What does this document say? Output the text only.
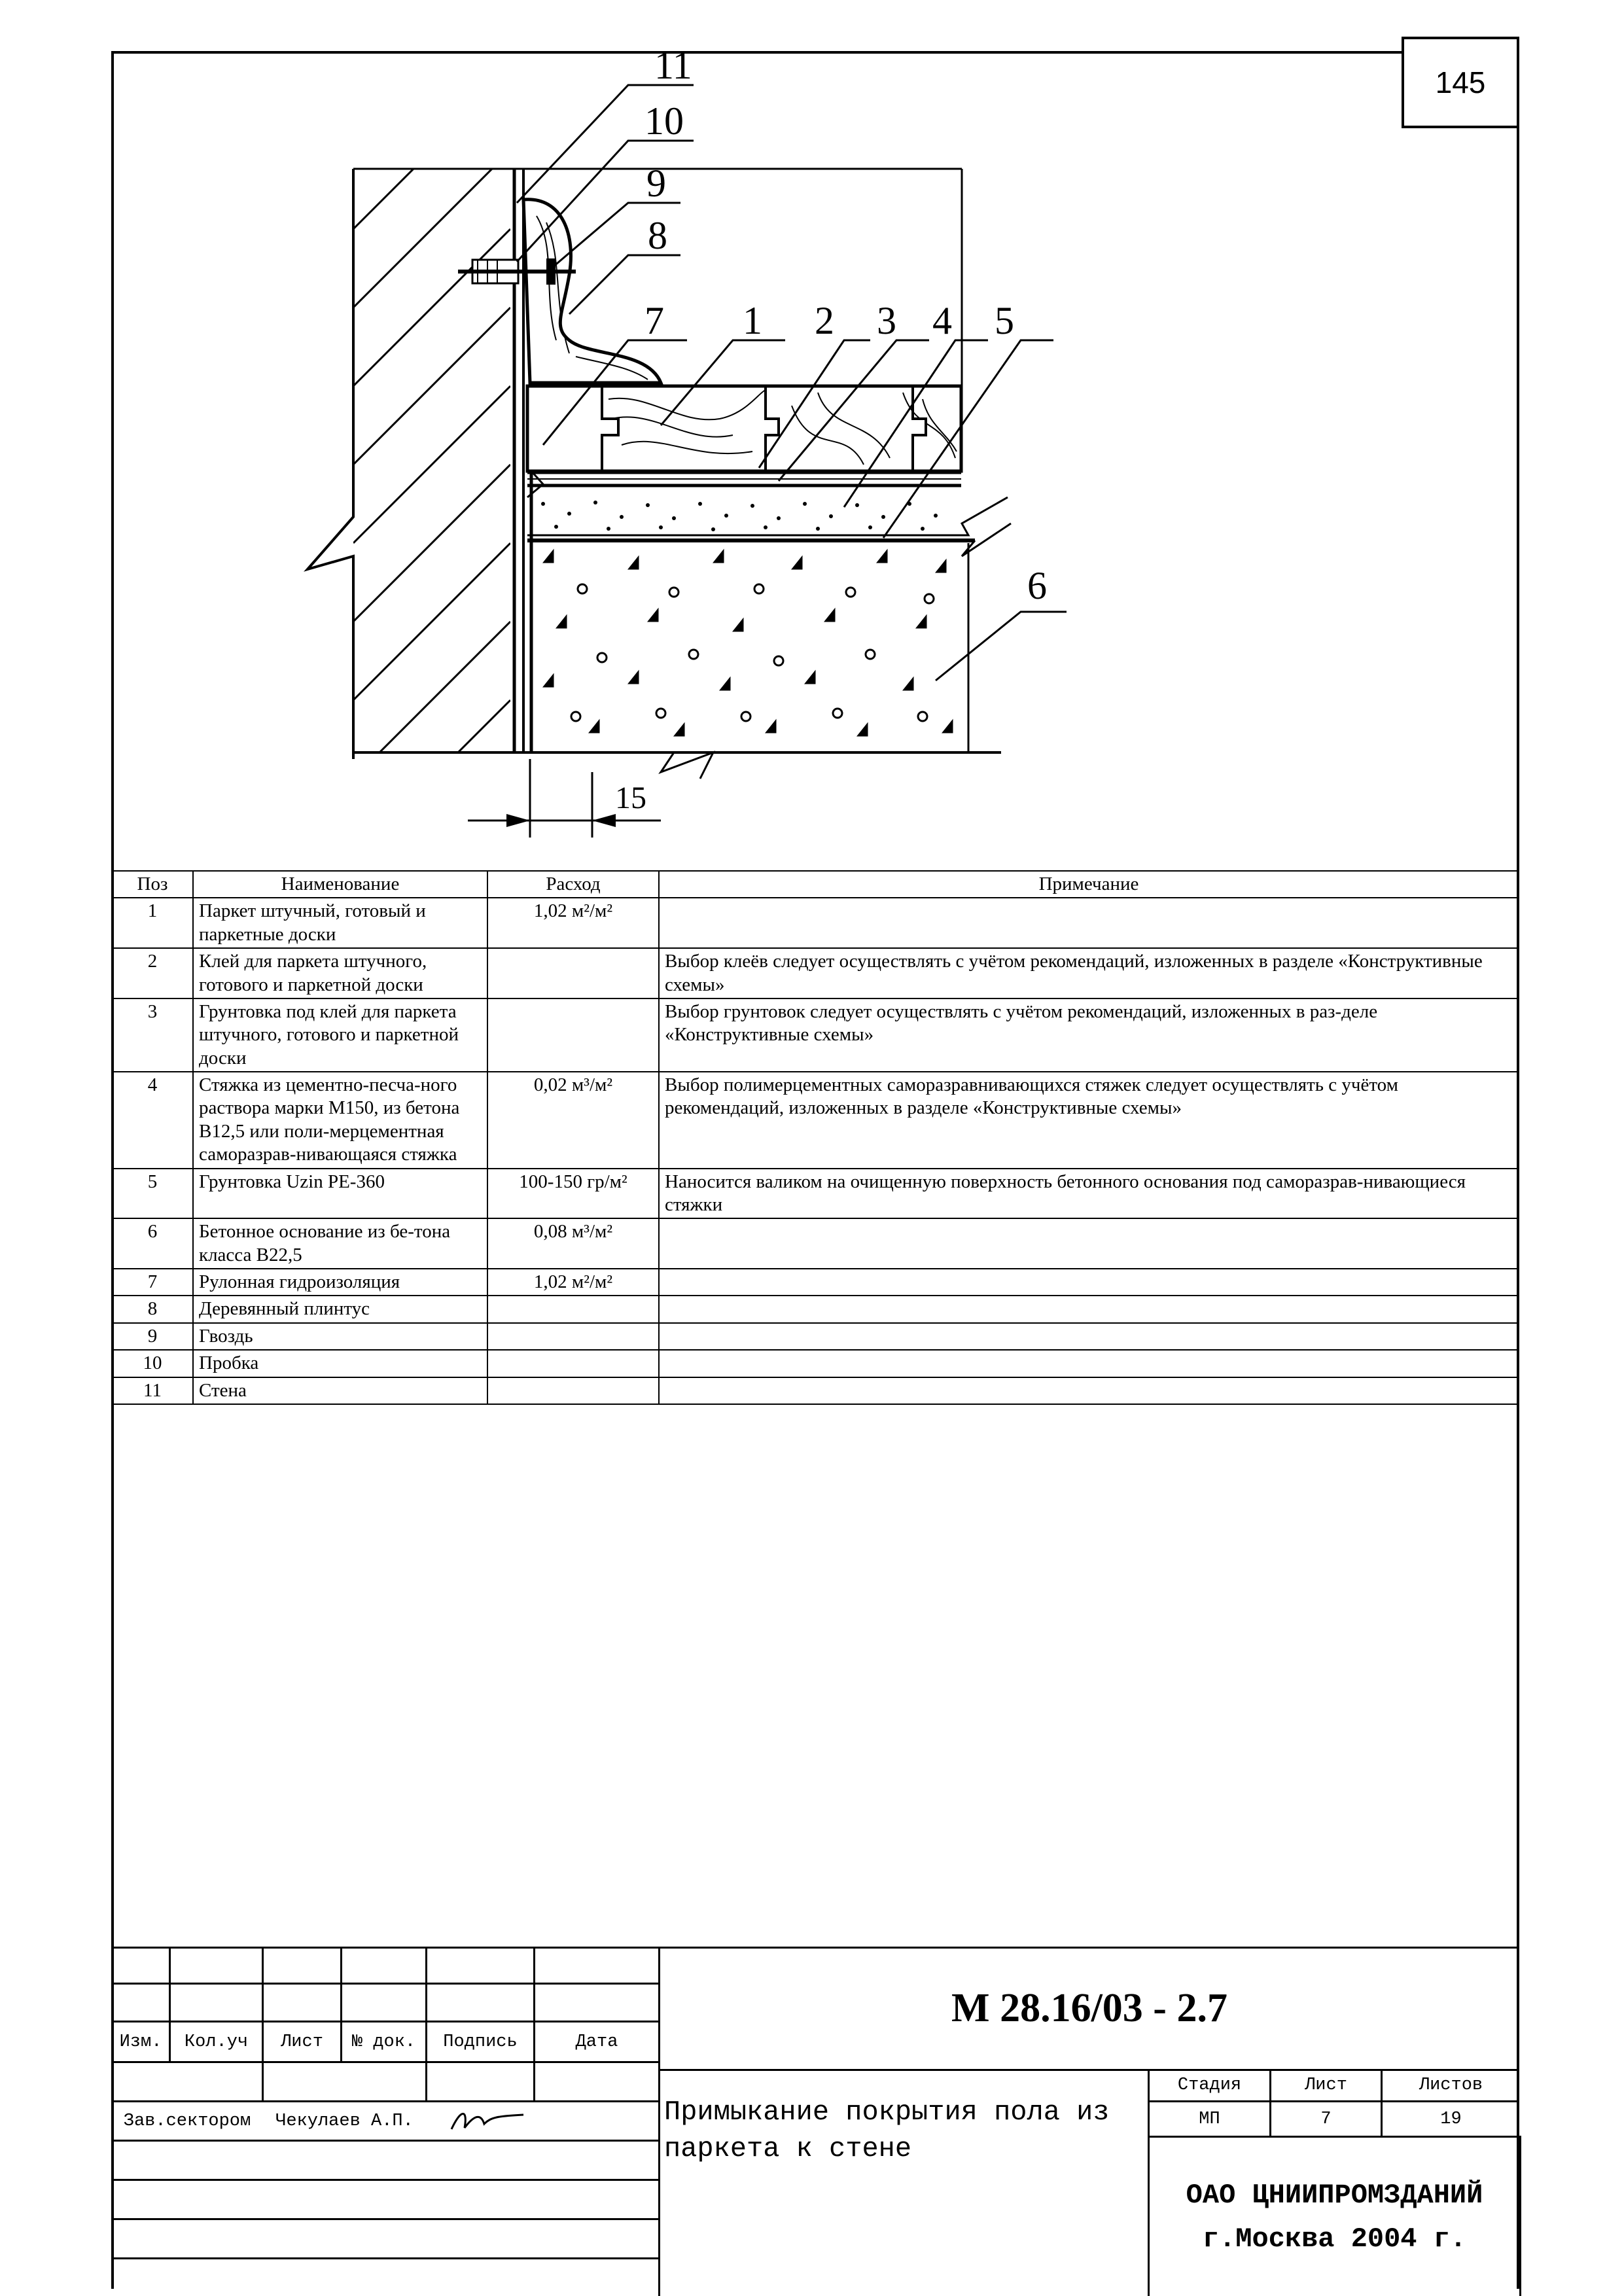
145
15
11
10
9
8
7 1 2 3 4 5
6
Поз	Наименование	Расход	Примечание
1	Паркет штучный, готовый и паркетные доски	1,02 м²/м²	
2	Клей для паркета штучного, готового и паркетной доски		Выбор клеёв следует осуществлять с учётом рекомендаций, изложенных в разделе «Конструктивные схемы»
3	Грунтовка под клей для паркета штучного, готового и паркетной доски		Выбор грунтовок следует осуществлять с учётом рекомендаций, изложенных в раз-деле «Конструктивные схемы»
4	Стяжка из цементно-песча-ного раствора марки М150, из бетона В12,5 или поли-мерцементная саморазрав-нивающаяся стяжка	0,02 м³/м²	Выбор полимерцементных саморазравнивающихся стяжек следует осуществлять с учётом рекомендаций, изложенных в разделе «Конструктивные схемы»
5	Грунтовка Uzin PE-360	100-150 гр/м²	Наносится валиком на очищенную поверхность бетонного основания под саморазрав-нивающиеся стяжки
6	Бетонное основание из бе-тона класса В22,5	0,08 м³/м²	
7	Рулонная гидроизоляция	1,02 м²/м²	
8	Деревянный плинтус		
9	Гвоздь		
10	Пробка		
11	Стена		
Изм.	Кол.уч	Лист	№ док.	Подпись	Дата
Зав.сектором	Чекулаев А.П.
М 28.16/03 - 2.7
Примыкание покрытия пола из паркета к стене
Стадия	Лист	Листов
МП	7	19
ОАО ЦНИИПРОМЗДАНИЙ
г.Москва 2004 г.
